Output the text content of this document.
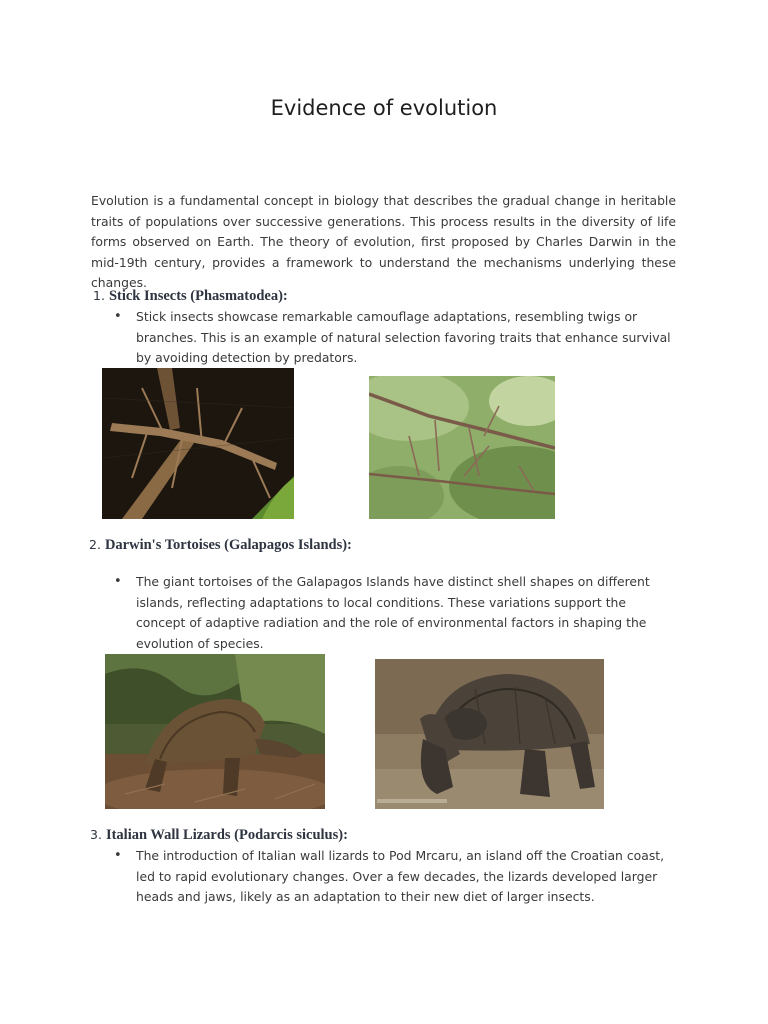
Evidence of evolution

Evolution is a fundamental concept in biology that describes the gradual change in heritable traits of populations over successive generations. This process results in the diversity of life forms observed on Earth. The theory of evolution, first proposed by Charles Darwin in the mid-19th century, provides a framework to understand the mechanisms underlying these changes.

1. Stick Insects (Phasmatodea):
• Stick insects showcase remarkable camouflage adaptations, resembling twigs or branches. This is an example of natural selection favoring traits that enhance survival by avoiding detection by predators.
2. Darwin's Tortoises (Galapagos Islands):
• The giant tortoises of the Galapagos Islands have distinct shell shapes on different islands, reflecting adaptations to local conditions. These variations support the concept of adaptive radiation and the role of environmental factors in shaping the evolution of species.
3. Italian Wall Lizards (Podarcis siculus):
• The introduction of Italian wall lizards to Pod Mrcaru, an island off the Croatian coast, led to rapid evolutionary changes. Over a few decades, the lizards developed larger heads and jaws, likely as an adaptation to their new diet of larger insects.
